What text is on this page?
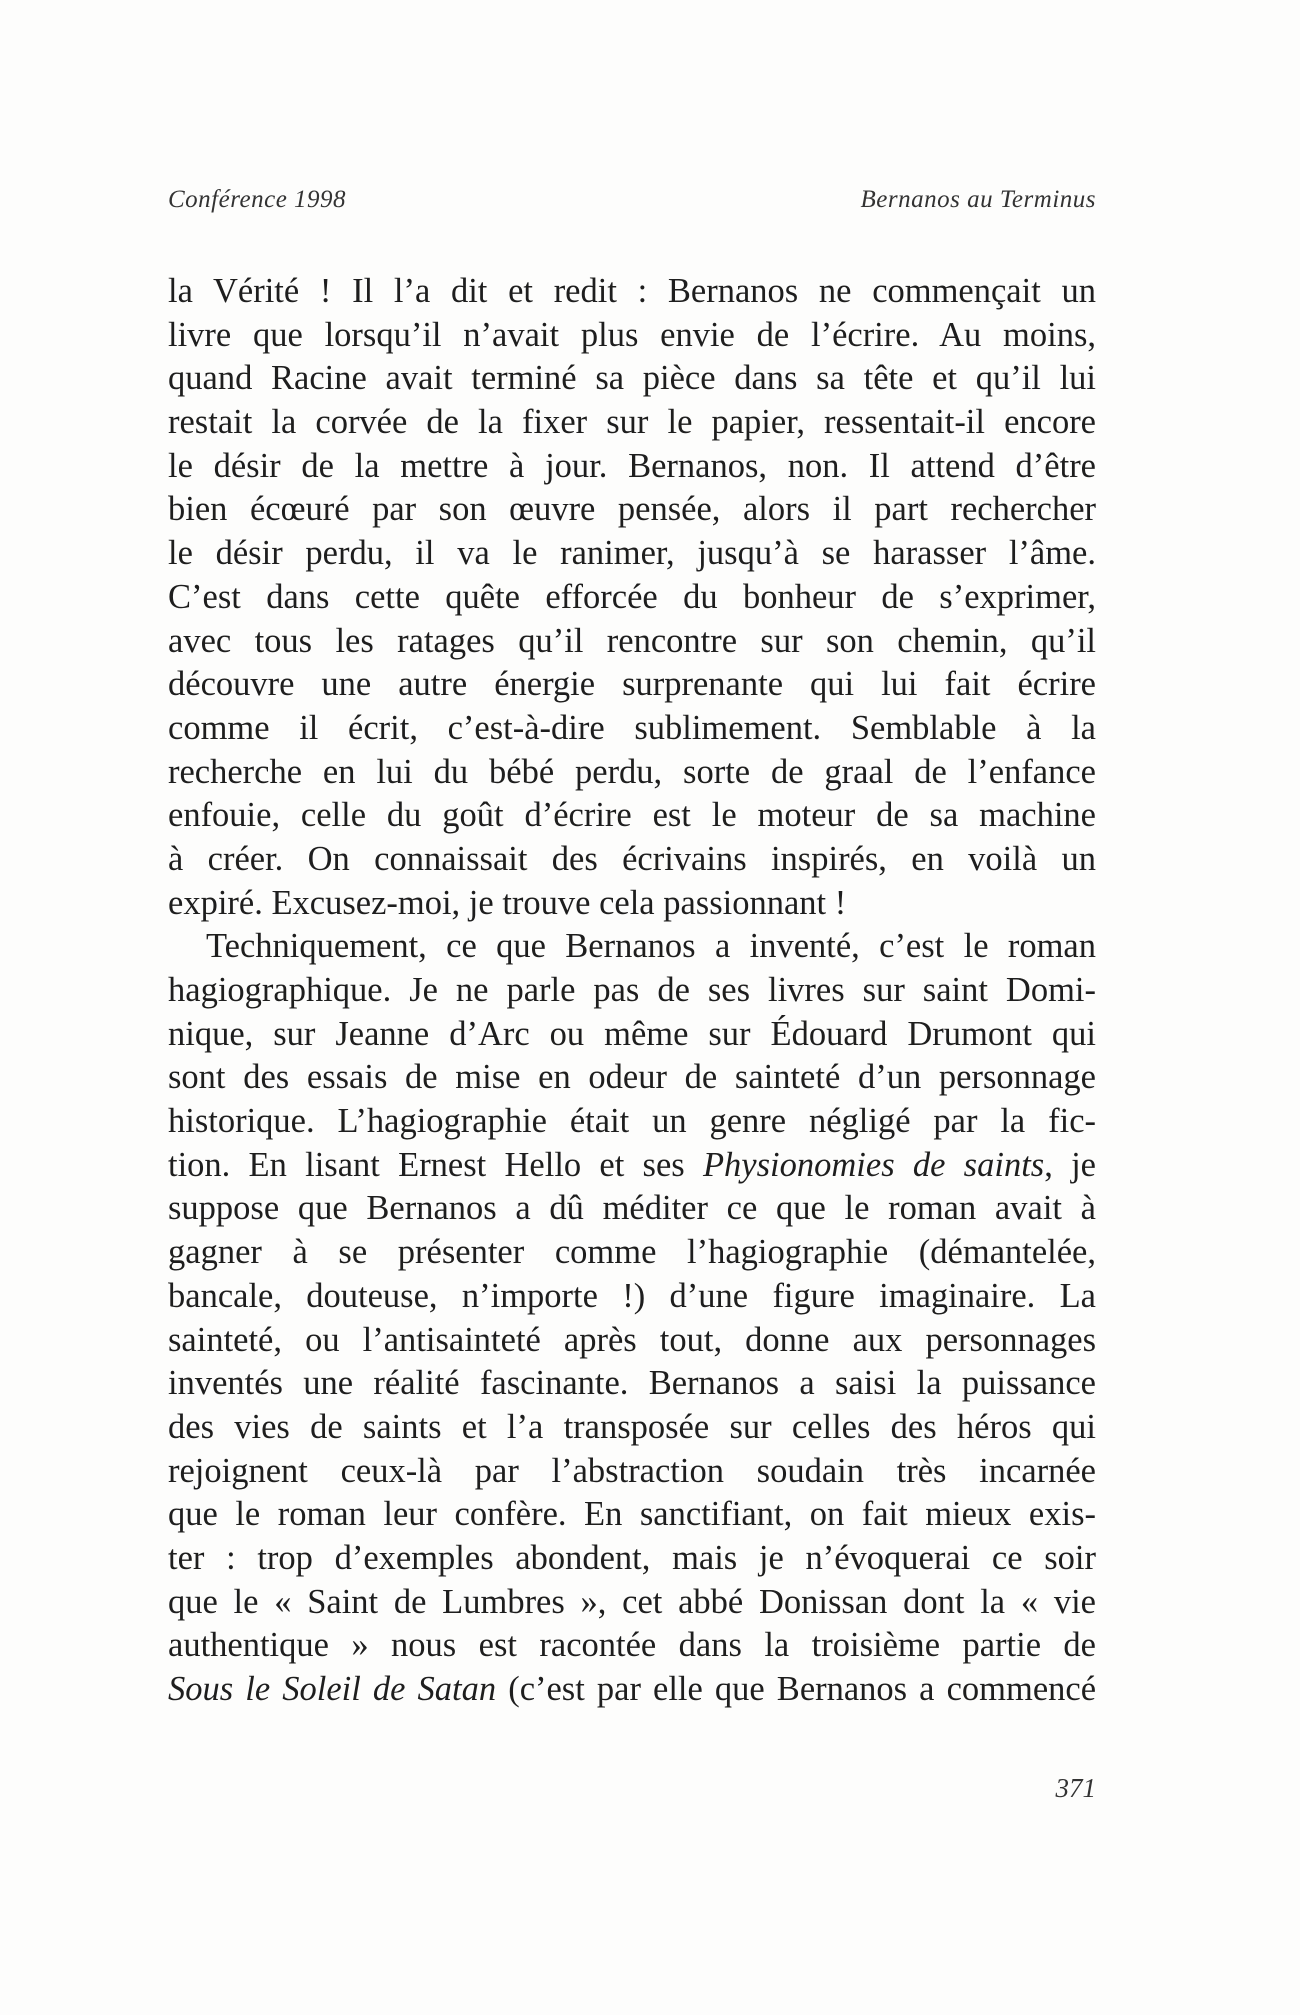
Conférence 1998	Bernanos au Terminus
la Vérité ! Il l’a dit et redit : Bernanos ne commençait un
livre que lorsqu’il n’avait plus envie de l’écrire. Au moins,
quand Racine avait terminé sa pièce dans sa tête et qu’il lui
restait la corvée de la fixer sur le papier, ressentait-il encore
le désir de la mettre à jour. Bernanos, non. Il attend d’être
bien écœuré par son œuvre pensée, alors il part rechercher
le désir perdu, il va le ranimer, jusqu’à se harasser l’âme.
C’est dans cette quête efforcée du bonheur de s’exprimer,
avec tous les ratages qu’il rencontre sur son chemin, qu’il
découvre une autre énergie surprenante qui lui fait écrire
comme il écrit, c’est-à-dire sublimement. Semblable à la
recherche en lui du bébé perdu, sorte de graal de l’enfance
enfouie, celle du goût d’écrire est le moteur de sa machine
à créer. On connaissait des écrivains inspirés, en voilà un
expiré. Excusez-moi, je trouve cela passionnant !
Techniquement, ce que Bernanos a inventé, c’est le roman
hagiographique. Je ne parle pas de ses livres sur saint Domi-
nique, sur Jeanne d’Arc ou même sur Édouard Drumont qui
sont des essais de mise en odeur de sainteté d’un personnage
historique. L’hagiographie était un genre négligé par la fic-
tion. En lisant Ernest Hello et ses Physionomies de saints, je
suppose que Bernanos a dû méditer ce que le roman avait à
gagner à se présenter comme l’hagiographie (démantelée,
bancale, douteuse, n’importe !) d’une figure imaginaire. La
sainteté, ou l’antisainteté après tout, donne aux personnages
inventés une réalité fascinante. Bernanos a saisi la puissance
des vies de saints et l’a transposée sur celles des héros qui
rejoignent ceux-là par l’abstraction soudain très incarnée
que le roman leur confère. En sanctifiant, on fait mieux exis-
ter : trop d’exemples abondent, mais je n’évoquerai ce soir
que le « Saint de Lumbres », cet abbé Donissan dont la « vie
authentique » nous est racontée dans la troisième partie de
Sous le Soleil de Satan (c’est par elle que Bernanos a commencé
371
